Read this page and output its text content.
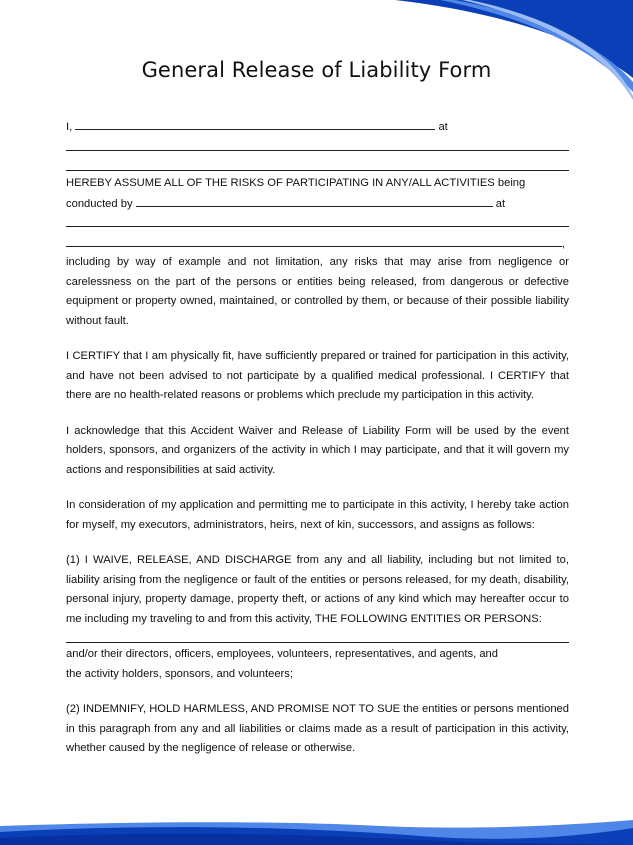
General Release of Liability Form
I,	at
HEREBY ASSUME ALL OF THE RISKS OF PARTICIPATING IN ANY/ALL ACTIVITIES being
conducted by	at
,

including by way of example and not limitation, any risks that may arise from negligence or carelessness on the part of the persons or entities being released, from dangerous or defective equipment or property owned, maintained, or controlled by them, or because of their possible liability without fault.

I CERTIFY that I am physically fit, have sufficiently prepared or trained for participation in this activity, and have not been advised to not participate by a qualified medical professional. I CERTIFY that there are no health-related reasons or problems which preclude my participation in this activity.

I acknowledge that this Accident Waiver and Release of Liability Form will be used by the event holders, sponsors, and organizers of the activity in which I may participate, and that it will govern my actions and responsibilities at said activity.

In consideration of my application and permitting me to participate in this activity, I hereby take action for myself, my executors, administrators, heirs, next of kin, successors, and assigns as follows:

(1) I WAIVE, RELEASE, AND DISCHARGE from any and all liability, including but not limited to, liability arising from the negligence or fault of the entities or persons released, for my death, disability, personal injury, property damage, property theft, or actions of any kind which may hereafter occur to me including my traveling to and from this activity, THE FOLLOWING ENTITIES OR PERSONS:

and/or their directors, officers, employees, volunteers, representatives, and agents, and
the activity holders, sponsors, and volunteers;

(2) INDEMNIFY, HOLD HARMLESS, AND PROMISE NOT TO SUE the entities or persons mentioned in this paragraph from any and all liabilities or claims made as a result of participation in this activity, whether caused by the negligence of release or otherwise.
